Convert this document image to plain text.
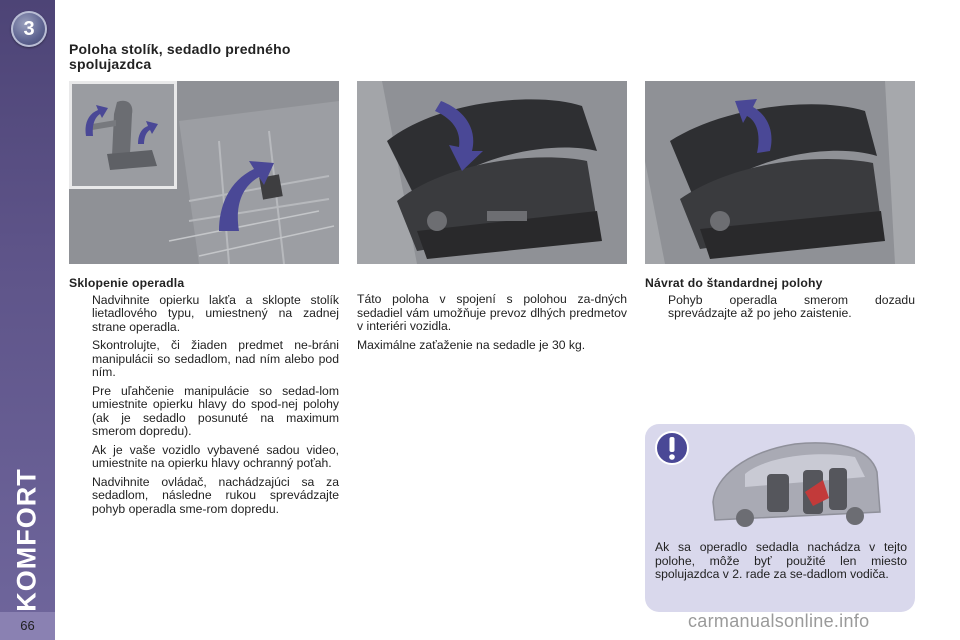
3
KOMFORT
66
Poloha stolík, sedadlo predného spolujazdca
Sklopenie operadla
Nadvihnite opierku lakťa a sklopte stolík lietadlového typu, umiestnený na zadnej strane operadla.
Skontrolujte, či žiaden predmet ne-bráni manipulácii so sedadlom, nad ním alebo pod ním.
Pre uľahčenie manipulácie so sedad-lom umiestnite opierku hlavy do spod-nej polohy (ak je sedadlo posunuté na maximum smerom dopredu).
Ak je vaše vozidlo vybavené sadou video, umiestnite na opierku hlavy ochranný poťah.
Nadvihnite ovládač, nachádzajúci sa za sedadlom, následne rukou sprevádzajte pohyb operadla sme-rom dopredu.

Táto poloha v spojení s polohou za-dných sedadiel vám umožňuje prevoz dlhých predmetov v interiéri vozidla.

Maximálne zaťaženie na sedadle je 30 kg.

Návrat do štandardnej polohy
Pohyb operadla smerom dozadu sprevádzajte až po jeho zaistenie.
Ak sa operadlo sedadla nachádza v tejto polohe, môže byť použité len miesto spolujazdca v 2. rade za se-dadlom vodiča.
carmanualsonline.info
